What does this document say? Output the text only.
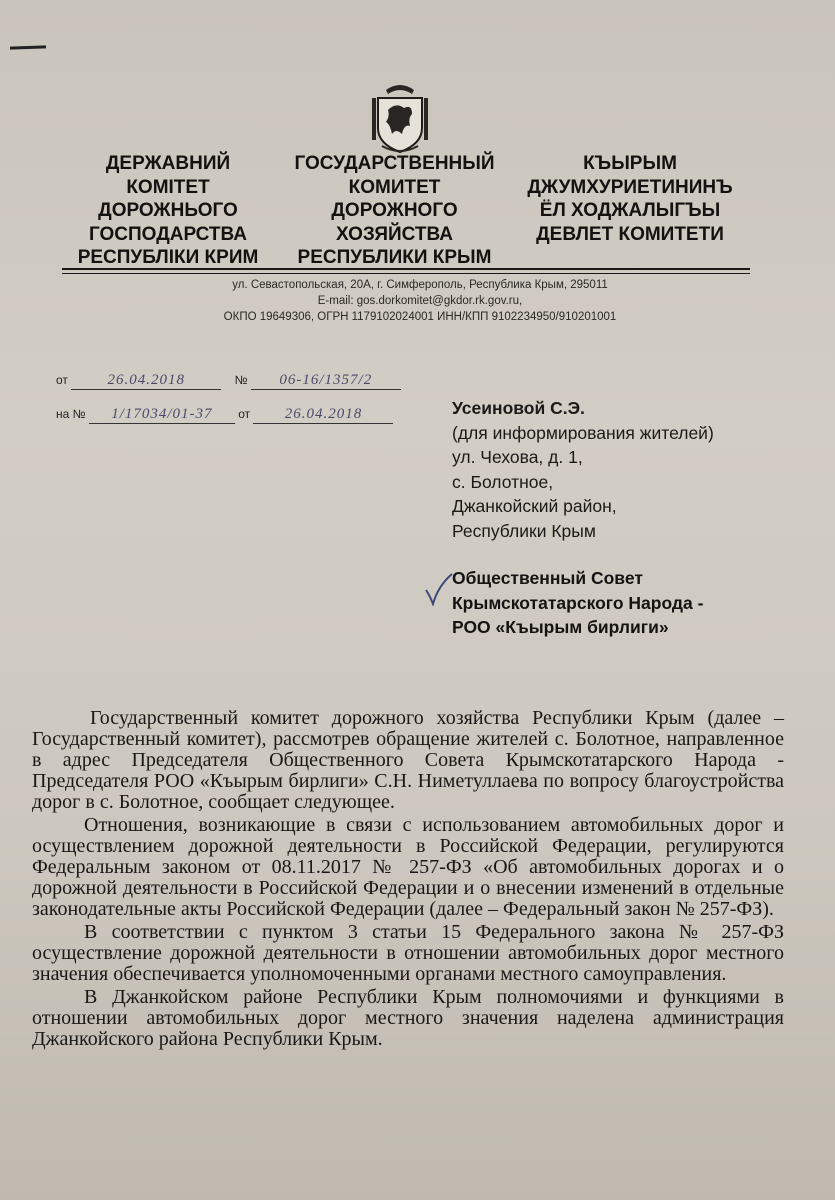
ДЕРЖАВНИЙ
КОМІТЕТ
ДОРОЖНЬОГО
ГОСПОДАРСТВА
РЕСПУБЛІКИ КРИМ
ГОСУДАРСТВЕННЫЙ
КОМИТЕТ
ДОРОЖНОГО
ХОЗЯЙСТВА
РЕСПУБЛИКИ КРЫМ
КЪЫРЫМ
ДЖУМХУРИЕТИНИНЪ
ЁЛ ХОДЖАЛЫГЪЫ
ДЕВЛЕТ КОМИТЕТИ
ул. Севастопольская, 20А, г. Симферополь, Республика Крым, 295011
E-mail: gos.dorkomitet@gkdor.rk.gov.ru,
ОКПО 19649306, ОГРН 1179102024001 ИНН/КПП 9102234950/910201001
от	26.04.2018	№ 06-16/1357/2
на № 1/17034/01-37 от 26.04.2018	Усеиновой С.Э.
(для информирования жителей)
ул. Чехова, д. 1,
с. Болотное,
Джанкойский район,
Республики Крым
Общественный Совет
Крымскотатарского Народа -
РОО «Къырым бирлиги»

Государственный комитет дорожного хозяйства Республики Крым (далее – Государственный комитет), рассмотрев обращение жителей с. Болотное, направленное в адрес Председателя Общественного Совета Крымскотатарского Народа - Председателя РОО «Къырым бирлиги» С.Н. Ниметуллаева по вопросу благоустройства дорог в с. Болотное, сообщает следующее.

Отношения, возникающие в связи с использованием автомобильных дорог и осуществлением дорожной деятельности в Российской Федерации, регулируются Федеральным законом от 08.11.2017 № 257-ФЗ «Об автомобильных дорогах и о дорожной деятельности в Российской Федерации и о внесении изменений в отдельные законодательные акты Российской Федерации (далее – Федеральный закон № 257-ФЗ).

В соответствии с пунктом 3 статьи 15 Федерального закона № 257-ФЗ осуществление дорожной деятельности в отношении автомобильных дорог местного значения обеспечивается уполномоченными органами местного самоуправления.

В Джанкойском районе Республики Крым полномочиями и функциями в отношении автомобильных дорог местного значения наделена администрация Джанкойского района Республики Крым.
